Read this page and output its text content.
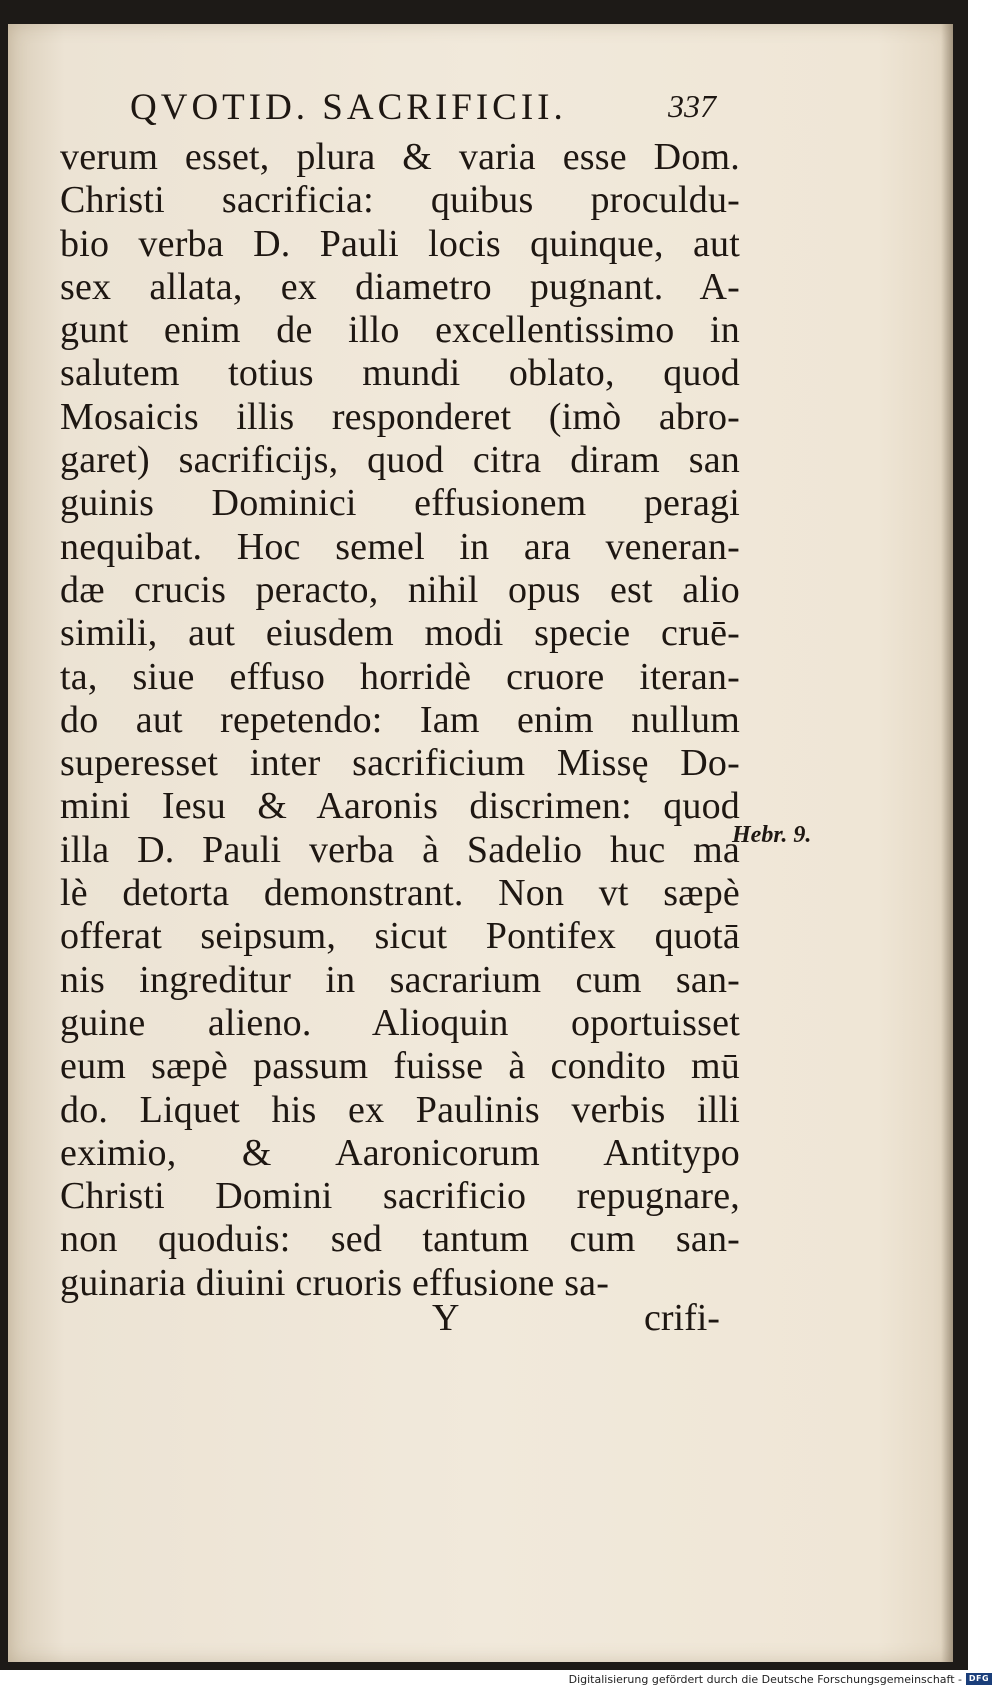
QVOTID. SACRIFICII.	337
verum esset, plura & varia esse Dom.
Christi sacrificia: quibus proculdu-
bio verba D. Pauli locis quinque, aut
sex allata, ex diametro pugnant. A-
gunt enim de illo excellentissimo in
salutem totius mundi oblato, quod
Mosaicis illis responderet (imò abro-
garet) sacrificijs, quod citra diram san
guinis Dominici effusionem peragi
nequibat. Hoc semel in ara veneran-
dæ crucis peracto, nihil opus est alio
simili, aut eiusdem modi specie cruē-
ta, siue effuso horridè cruore iteran-
do aut repetendo: Iam enim nullum
superesset inter sacrificium Missę Do-
mini Iesu & Aaronis discrimen: quod
illa D. Pauli verba à Sadelio huc ma
lè detorta demonstrant. Non vt sæpè
offerat seipsum, sicut Pontifex quotā
nis ingreditur in sacrarium cum san-
guine alieno. Alioquin oportuisset
eum sæpè passum fuisse à condito mū
do. Liquet his ex Paulinis verbis illi
eximio, & Aaronicorum Antitypo
Christi Domini sacrificio repugnare,
non quoduis: sed tantum cum san-
guinaria diuini cruoris effusione sa-
Hebr. 9.
Y	crifi-
Digitalisierung gefördert durch die Deutsche Forschungsgemeinschaft - DFG
